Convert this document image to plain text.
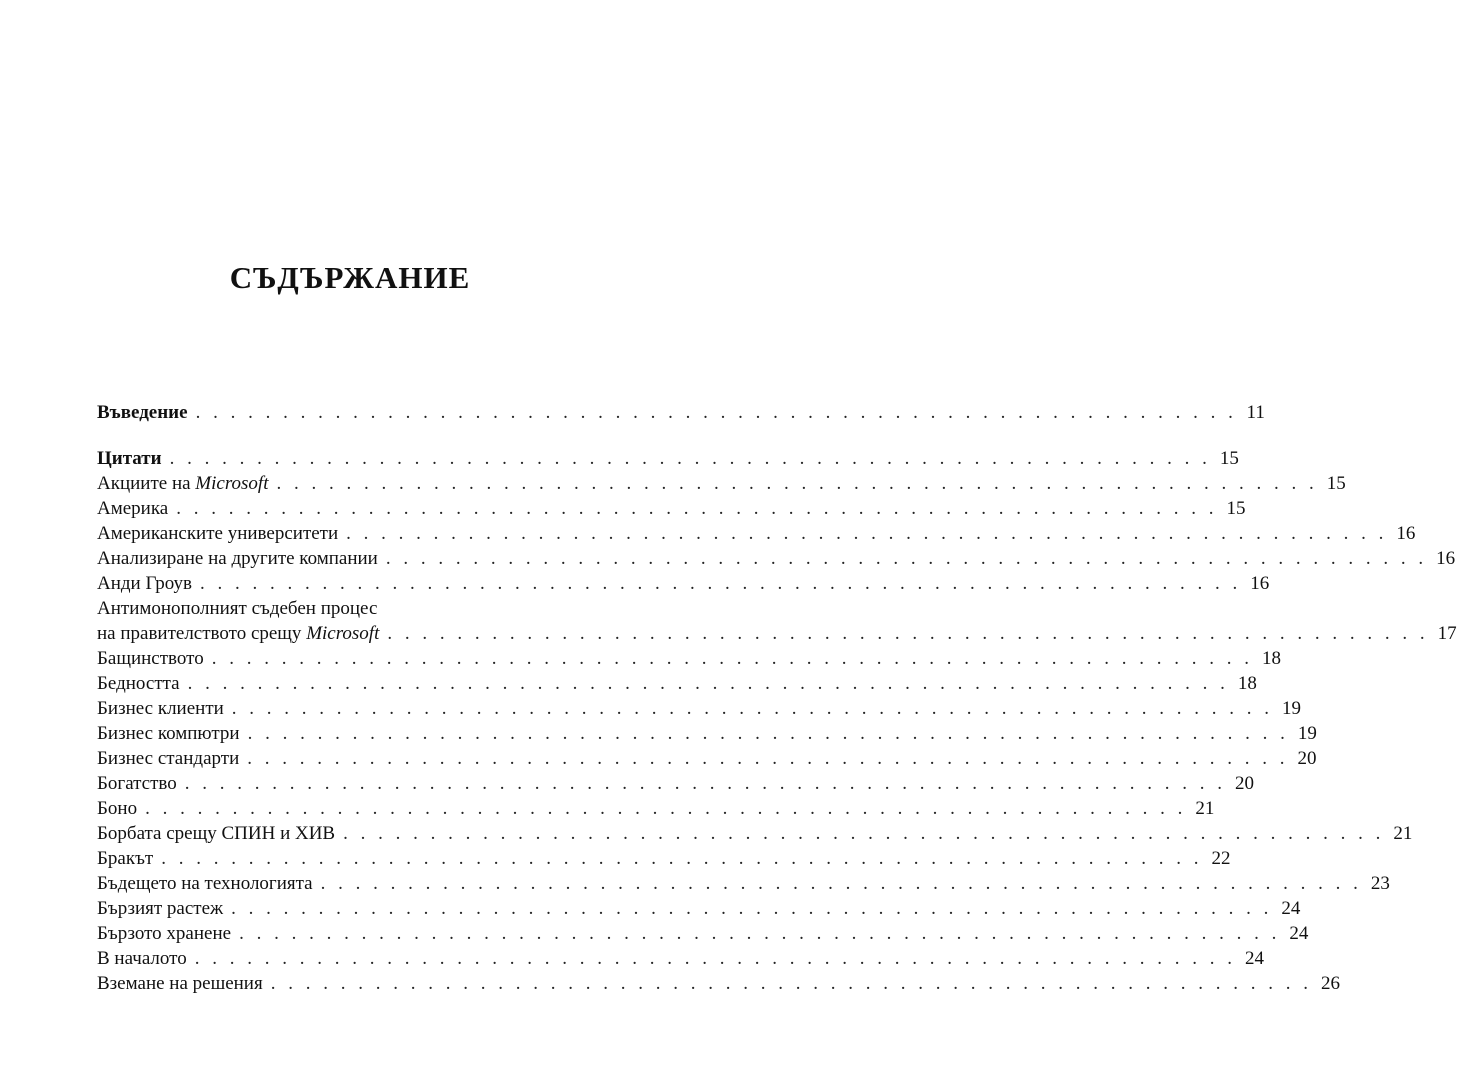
СЪДЪРЖАНИЕ
Въведение . . . . . . . . . . . . . . . . . . . . . . . . . . . . . . . . . . . . . . . . . . . . . . . . . . . . . . . . . . . . 11
Цитати . . . . . . . . . . . . . . . . . . . . . . . . . . . . . . . . . . . . . . . . . . . . . . . . . . . . . . . . . . . . 15
Акциите на Microsoft . . . . . . . . . . . . . . . . . . . . . . . . . . . . . . . . . . . . . . . . . . . . . . . . . . . . . . . . . . . . 15
Америка . . . . . . . . . . . . . . . . . . . . . . . . . . . . . . . . . . . . . . . . . . . . . . . . . . . . . . . . . . . . 15
Американските университети . . . . . . . . . . . . . . . . . . . . . . . . . . . . . . . . . . . . . . . . . . . . . . . . . . . . . . . . . . . . 16
Анализиране на другите компании . . . . . . . . . . . . . . . . . . . . . . . . . . . . . . . . . . . . . . . . . . . . . . . . . . . . . . . . . . . . 16
Анди Гроув . . . . . . . . . . . . . . . . . . . . . . . . . . . . . . . . . . . . . . . . . . . . . . . . . . . . . . . . . . . . 16
Антимонополният съдебен процес
на правителството срещу Microsoft . . . . . . . . . . . . . . . . . . . . . . . . . . . . . . . . . . . . . . . . . . . . . . . . . . . . . . . . . . . . 17
Бащинството . . . . . . . . . . . . . . . . . . . . . . . . . . . . . . . . . . . . . . . . . . . . . . . . . . . . . . . . . . . . 18
Бедността . . . . . . . . . . . . . . . . . . . . . . . . . . . . . . . . . . . . . . . . . . . . . . . . . . . . . . . . . . . . 18
Бизнес клиенти . . . . . . . . . . . . . . . . . . . . . . . . . . . . . . . . . . . . . . . . . . . . . . . . . . . . . . . . . . . . 19
Бизнес компютри . . . . . . . . . . . . . . . . . . . . . . . . . . . . . . . . . . . . . . . . . . . . . . . . . . . . . . . . . . . . 19
Бизнес стандарти . . . . . . . . . . . . . . . . . . . . . . . . . . . . . . . . . . . . . . . . . . . . . . . . . . . . . . . . . . . . 20
Богатство . . . . . . . . . . . . . . . . . . . . . . . . . . . . . . . . . . . . . . . . . . . . . . . . . . . . . . . . . . . . 20
Боно . . . . . . . . . . . . . . . . . . . . . . . . . . . . . . . . . . . . . . . . . . . . . . . . . . . . . . . . . . . . 21
Борбата срещу СПИН и ХИВ . . . . . . . . . . . . . . . . . . . . . . . . . . . . . . . . . . . . . . . . . . . . . . . . . . . . . . . . . . . . 21
Бракът . . . . . . . . . . . . . . . . . . . . . . . . . . . . . . . . . . . . . . . . . . . . . . . . . . . . . . . . . . . . 22
Бъдещето на технологията . . . . . . . . . . . . . . . . . . . . . . . . . . . . . . . . . . . . . . . . . . . . . . . . . . . . . . . . . . . . 23
Бързият растеж . . . . . . . . . . . . . . . . . . . . . . . . . . . . . . . . . . . . . . . . . . . . . . . . . . . . . . . . . . . . 24
Бързото хранене . . . . . . . . . . . . . . . . . . . . . . . . . . . . . . . . . . . . . . . . . . . . . . . . . . . . . . . . . . . . 24
В началото . . . . . . . . . . . . . . . . . . . . . . . . . . . . . . . . . . . . . . . . . . . . . . . . . . . . . . . . . . . . 24
Вземане на решения . . . . . . . . . . . . . . . . . . . . . . . . . . . . . . . . . . . . . . . . . . . . . . . . . . . . . . . . . . . . 26
